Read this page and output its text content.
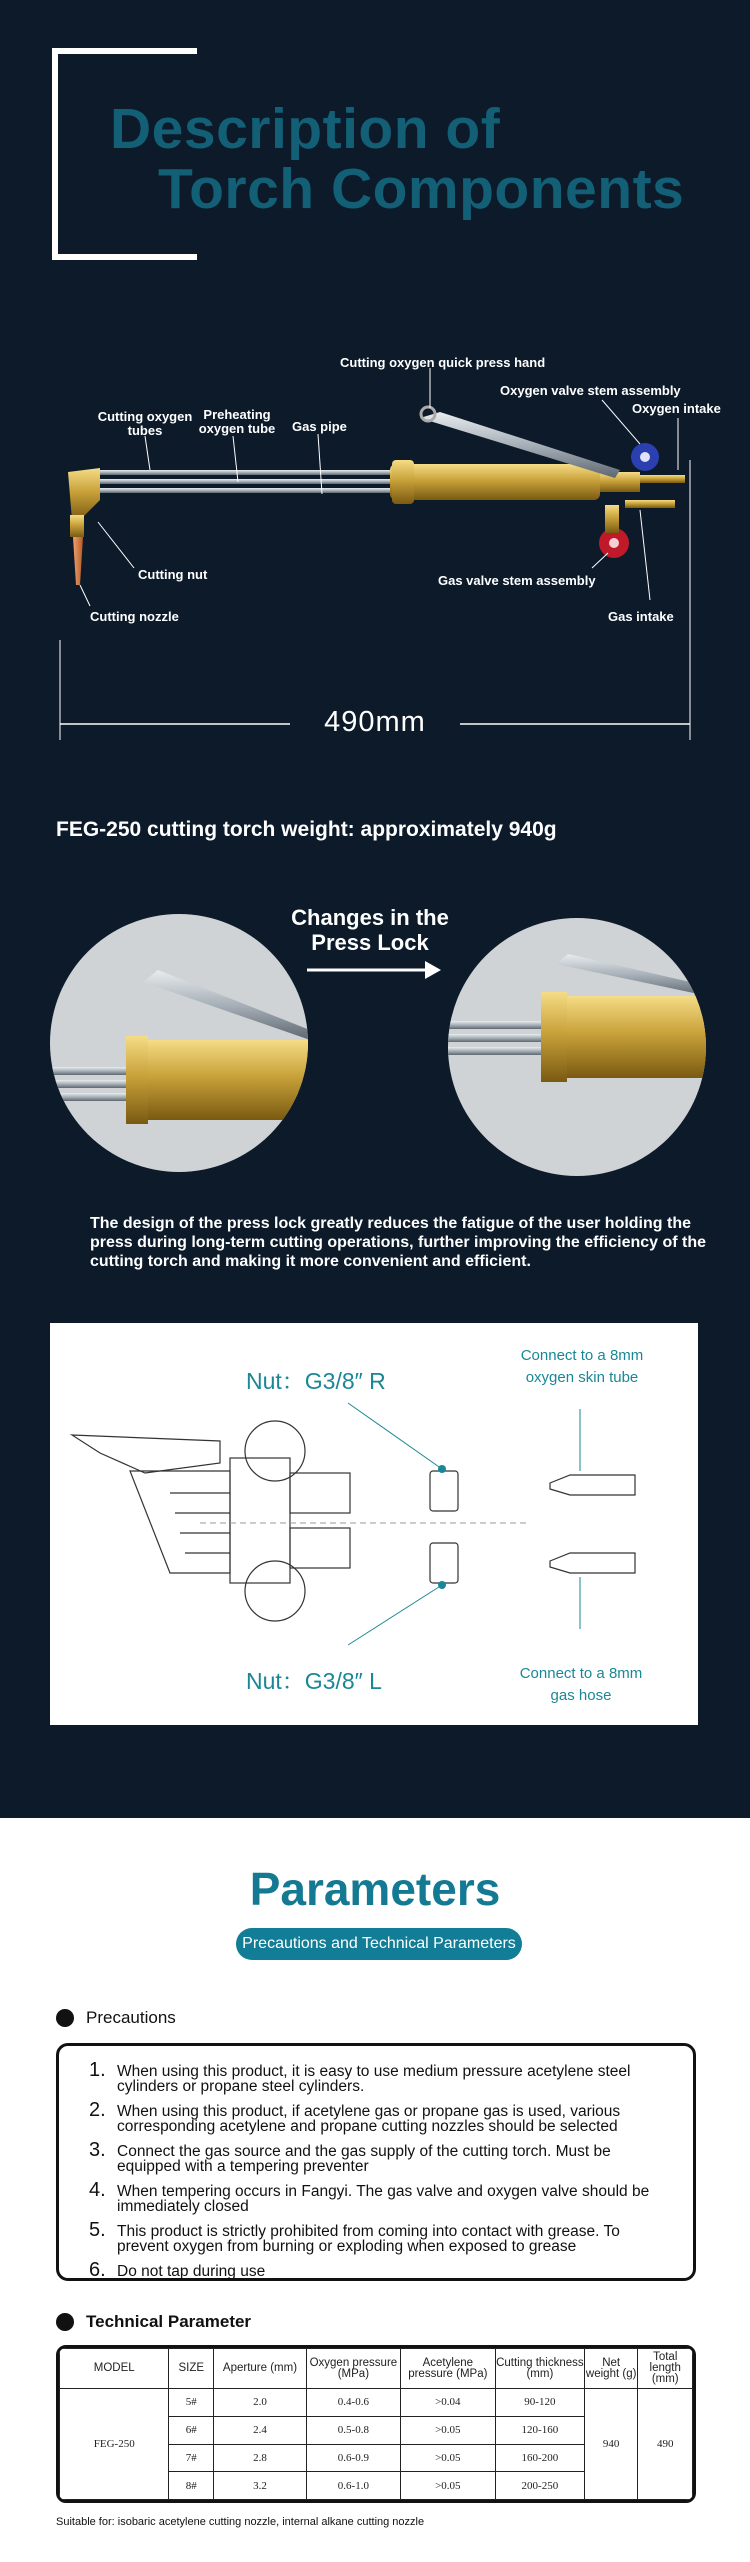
Description of
Torch Components
Cutting oxygen quick press hand
Oxygen valve stem assembly
Oxygen intake
Cutting oxygen tubes
Preheating oxygen tube Gas pipe
Cutting nut
Cutting nozzle
Gas valve stem assembly
Gas intake
490mm
FEG-250 cutting torch weight: approximately 940g
Changes in the Press Lock
The design of the press lock greatly reduces the fatigue of the user holding the press during long-term cutting operations, further improving the efficiency of the cutting torch and making it more convenient and efficient.
Nut：G3/8″ R
Nut：G3/8″ L
Connect to a 8mm oxygen skin tube
Connect to a 8mm gas hose
Parameters
Precautions and Technical Parameters
Precautions
1. When using this product, it is easy to use medium pressure acetylene steel cylinders or propane steel cylinders.
2. When using this product, if acetylene gas or propane gas is used, various corresponding acetylene and propane cutting nozzles should be selected
3. Connect the gas source and the gas supply of the cutting torch. Must be equipped with a tempering preventer
4. When tempering occurs in Fangyi. The gas valve and oxygen valve should be immediately closed
5. This product is strictly prohibited from coming into contact with grease. To prevent oxygen from burning or exploding when exposed to grease
6. Do not tap during use
Technical Parameter
MODEL	SIZE	Aperture (mm)	Oxygen pressure (MPa)	Acetylene pressure (MPa)	Cutting thickness (mm)	Net weight (g)	Total length (mm)
FEG-250	5#	2.0	0.4-0.6	>0.04	90-120	940	490
	6#	2.4	0.5-0.8	>0.05	120-160		
	7#	2.8	0.6-0.9	>0.05	160-200		
	8#	3.2	0.6-1.0	>0.05	200-250		
Suitable for: isobaric acetylene cutting nozzle, internal alkane cutting nozzle
